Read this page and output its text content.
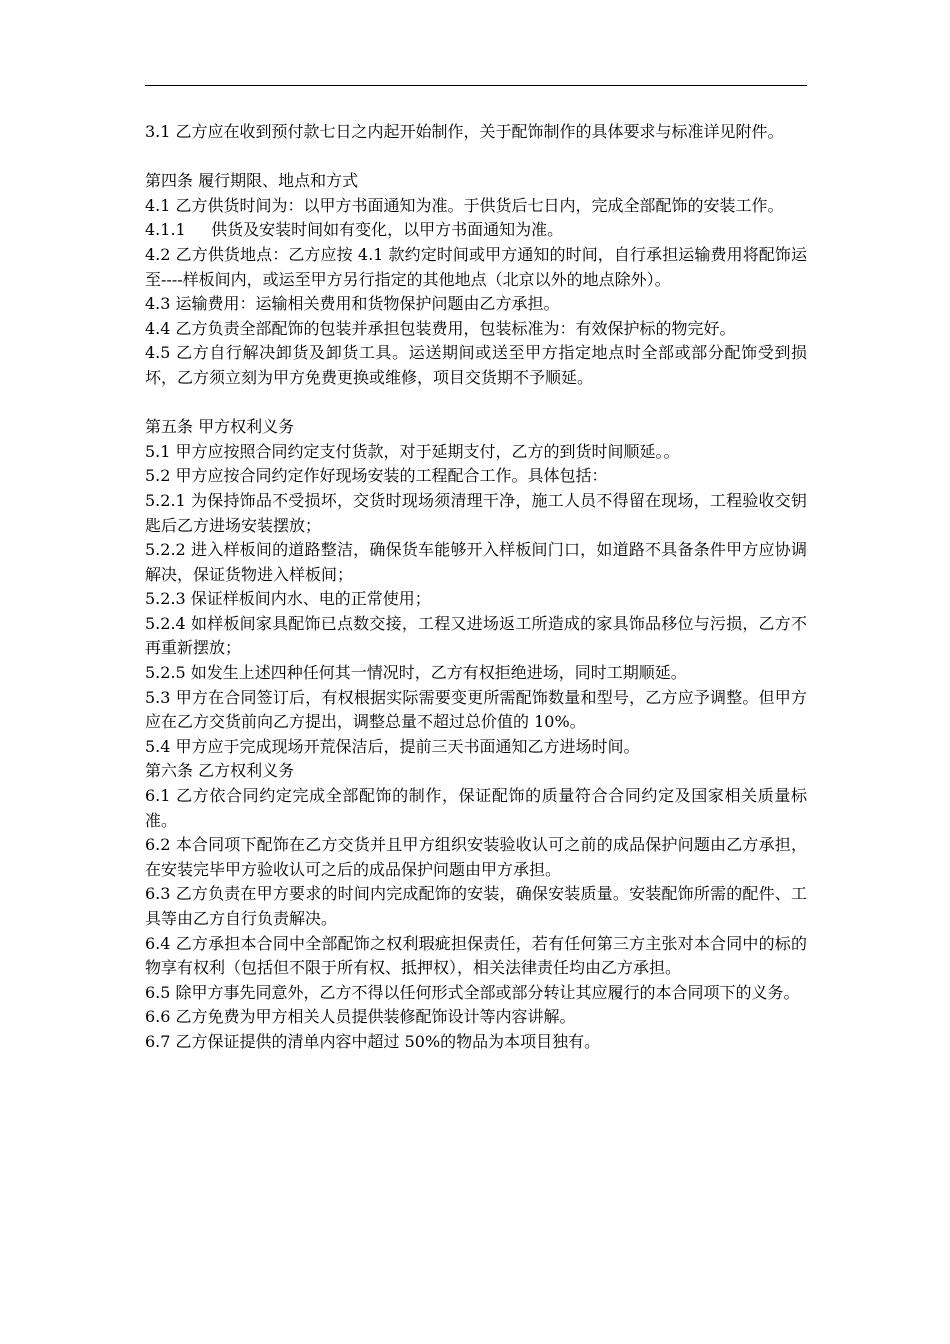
3.1 乙方应在收到预付款七日之内起开始制作，关于配饰制作的具体要求与标准详见附件。

第四条 履行期限、地点和方式

4.1 乙方供货时间为：以甲方书面通知为准。于供货后七日内，完成全部配饰的安装工作。

4.1.1     供货及安装时间如有变化，以甲方书面通知为准。

4.2 乙方供货地点：乙方应按 4.1 款约定时间或甲方通知的时间，自行承担运输费用将配饰运至----样板间内，或运至甲方另行指定的其他地点（北京以外的地点除外）。

4.3 运输费用：运输相关费用和货物保护问题由乙方承担。

4.4 乙方负责全部配饰的包装并承担包装费用，包装标准为：有效保护标的物完好。

4.5 乙方自行解决卸货及卸货工具。运送期间或送至甲方指定地点时全部或部分配饰受到损坏，乙方须立刻为甲方免费更换或维修，项目交货期不予顺延。

第五条 甲方权利义务

5.1 甲方应按照合同约定支付货款，对于延期支付，乙方的到货时间顺延。。

5.2 甲方应按合同约定作好现场安装的工程配合工作。具体包括：

5.2.1 为保持饰品不受损坏，交货时现场须清理干净，施工人员不得留在现场，工程验收交钥匙后乙方进场安装摆放；

5.2.2 进入样板间的道路整洁，确保货车能够开入样板间门口，如道路不具备条件甲方应协调解决，保证货物进入样板间；

5.2.3 保证样板间内水、电的正常使用；

5.2.4 如样板间家具配饰已点数交接，工程又进场返工所造成的家具饰品移位与污损，乙方不再重新摆放；

5.2.5 如发生上述四种任何其一情况时，乙方有权拒绝进场，同时工期顺延。

5.3 甲方在合同签订后，有权根据实际需要变更所需配饰数量和型号，乙方应予调整。但甲方应在乙方交货前向乙方提出，调整总量不超过总价值的 10%。

5.4 甲方应于完成现场开荒保洁后，提前三天书面通知乙方进场时间。

第六条 乙方权利义务

6.1 乙方依合同约定完成全部配饰的制作，保证配饰的质量符合合同约定及国家相关质量标准。

6.2 本合同项下配饰在乙方交货并且甲方组织安装验收认可之前的成品保护问题由乙方承担，在安装完毕甲方验收认可之后的成品保护问题由甲方承担。

6.3 乙方负责在甲方要求的时间内完成配饰的安装，确保安装质量。安装配饰所需的配件、工具等由乙方自行负责解决。

6.4 乙方承担本合同中全部配饰之权利瑕疵担保责任，若有任何第三方主张对本合同中的标的物享有权利（包括但不限于所有权、抵押权），相关法律责任均由乙方承担。

6.5 除甲方事先同意外，乙方不得以任何形式全部或部分转让其应履行的本合同项下的义务。

6.6 乙方免费为甲方相关人员提供装修配饰设计等内容讲解。

6.7 乙方保证提供的清单内容中超过 50%的物品为本项目独有。
